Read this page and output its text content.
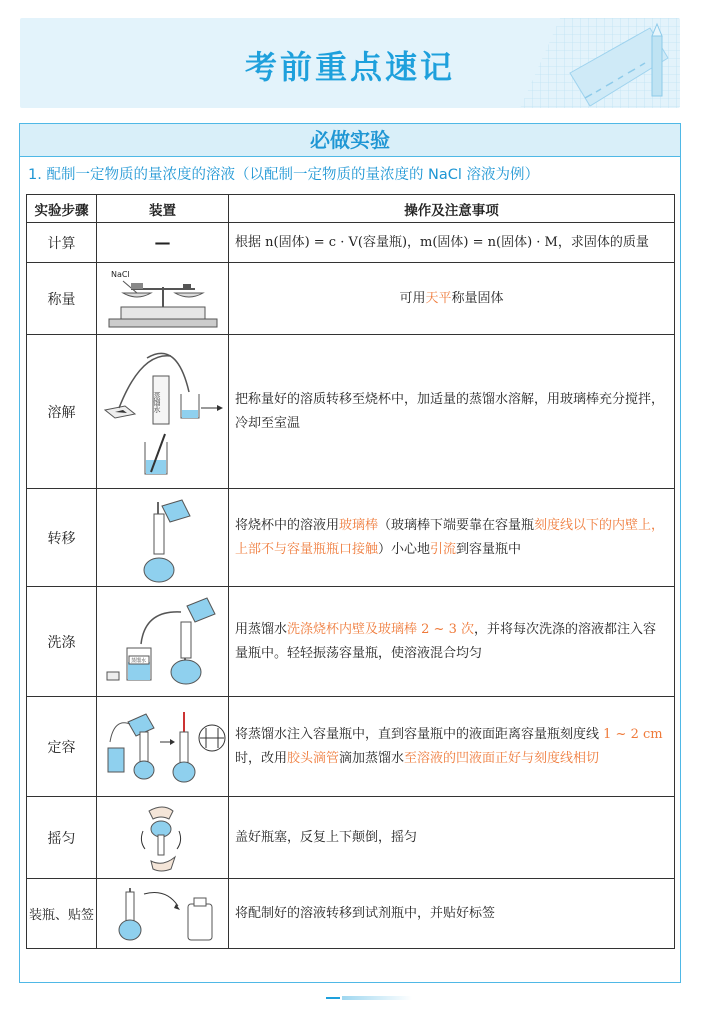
考前重点速记
必做实验
1. 配制一定物质的量浓度的溶液（以配制一定物质的量浓度的 NaCl 溶液为例）
实验步骤	装置	操作及注意事项
计算	—	根据 n(固体) = c · V(容量瓶)，m(固体) = n(固体) · M，求固体的质量
称量	NaCl	可用天平称量固体
溶解	蒸馏水	把称量好的溶质转移至烧杯中，加适量的蒸馏水溶解，用玻璃棒充分搅拌，冷却至室温
转移		将烧杯中的溶液用玻璃棒（玻璃棒下端要靠在容量瓶刻度线以下的内壁上，上部不与容量瓶瓶口接触）小心地引流到容量瓶中
洗涤	蒸馏水	用蒸馏水洗涤烧杯内壁及玻璃棒 2 ~ 3 次，并将每次洗涤的溶液都注入容量瓶中。轻轻振荡容量瓶，使溶液混合均匀
定容		将蒸馏水注入容量瓶中，直到容量瓶中的液面距离容量瓶刻度线 1 ~ 2 cm 时，改用胶头滴管滴加蒸馏水至溶液的凹液面正好与刻度线相切
摇匀		盖好瓶塞，反复上下颠倒，摇匀
装瓶、贴签		将配制好的溶液转移到试剂瓶中，并贴好标签
